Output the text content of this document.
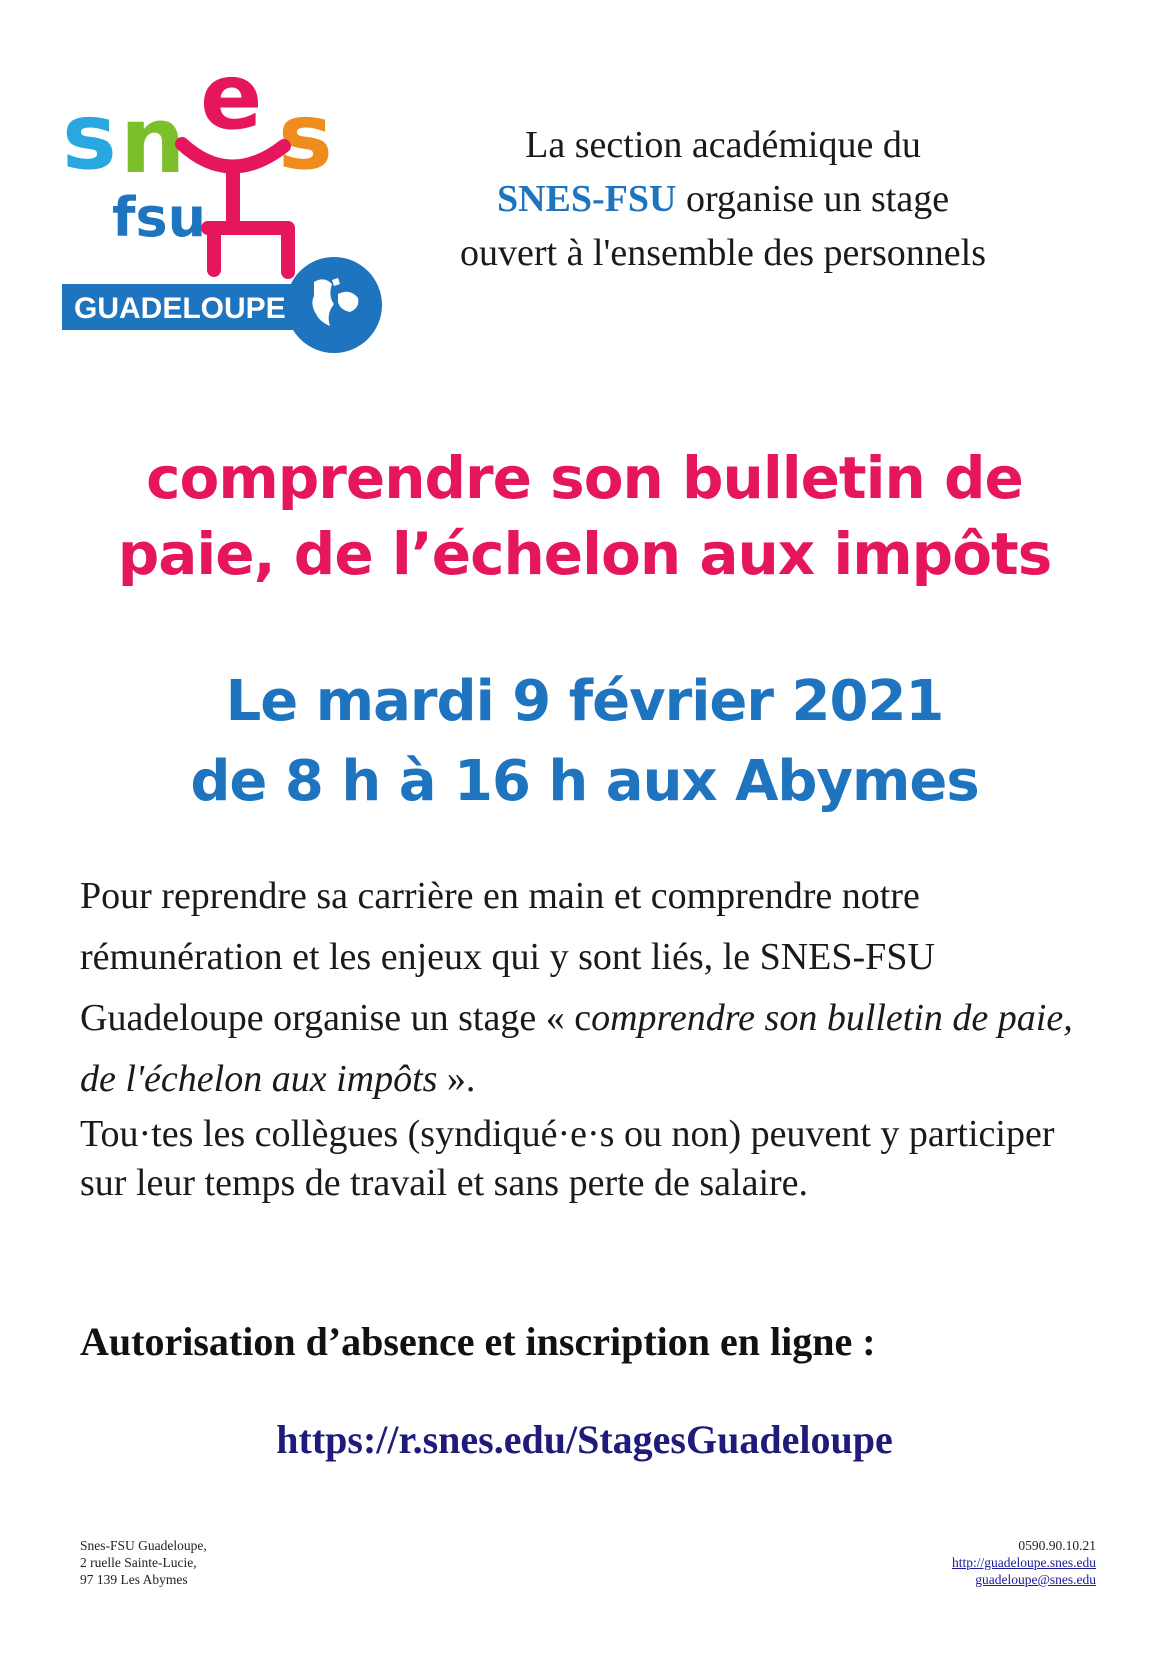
s n e s
fsu
GUADELOUPE
La section académique du
SNES-FSU organise un stage
ouvert à l'ensemble des personnels
comprendre son bulletin de
paie, de l’échelon aux impôts
Le mardi 9 février 2021
de 8 h à 16 h aux Abymes
Pour reprendre sa carrière en main et comprendre notre rémunération et les enjeux qui y sont liés, le SNES-FSU Guadeloupe organise un stage « comprendre son bulletin de paie, de l'échelon aux impôts ».
Tou·tes les collègues (syndiqué·e·s ou non) peuvent y participer sur leur temps de travail et sans perte de salaire.
Autorisation d’absence et inscription en ligne :
https://r.snes.edu/StagesGuadeloupe
Snes-FSU Guadeloupe,
2 ruelle Sainte-Lucie,
97 139 Les Abymes
0590.90.10.21
http://guadeloupe.snes.edu
guadeloupe@snes.edu
